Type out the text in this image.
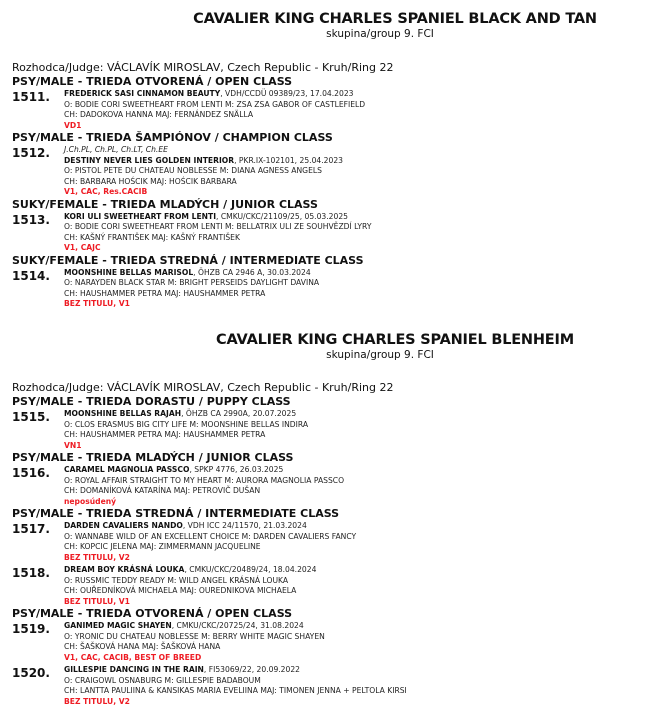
CAVALIER KING CHARLES SPANIEL BLACK AND TAN
skupina/group 9. FCI
Rozhodca/Judge: VÁCLAVÍK MIROSLAV, Czech Republic - Kruh/Ring 22
PSY/MALE - TRIEDA OTVORENÁ / OPEN CLASS
1511. FREDERICK SASI CINNAMON BEAUTY, VDH/CCDÜ 09389/23, 17.04.2023
O: BODIE CORI SWEETHEART FROM LENTI M: ZSA ZSA GABOR OF CASTLEFIELD
CH: DADOKOVA HANNA MAJ: FERNÁNDEZ SNÄLLA
VD1
PSY/MALE - TRIEDA ŠAMPIÓNOV / CHAMPION CLASS
1512. J.Ch.PL, Ch.PL, Ch.LT, Ch.EE
DESTINY NEVER LIES GOLDEN INTERIOR, PKR.IX-102101, 25.04.2023
O: PISTOL PETE DU CHATEAU NOBLESSE M: DIANA AGNESS ANGELS
CH: BARBARA HOŚCIK MAJ: HOŚCIK BARBARA
V1, CAC, Res.CACIB
SUKY/FEMALE - TRIEDA MLADÝCH / JUNIOR CLASS
1513. KORI ULI SWEETHEART FROM LENTI, CMKU/CKC/21109/25, 05.03.2025
O: BODIE CORI SWEETHEART FROM LENTI M: BELLATRIX ULI ZE SOUHVĚZDÍ LYRY
CH: KAŠNÝ FRANTIŠEK MAJ: KAŠNÝ FRANTIŠEK
V1, CAJC
SUKY/FEMALE - TRIEDA STREDNÁ / INTERMEDIATE CLASS
1514. MOONSHINE BELLAS MARISOL, ÖHZB CA 2946 A, 30.03.2024
O: NARAYDEN BLACK STAR M: BRIGHT PERSEIDS DAYLIGHT DAVINA
CH: HAUSHAMMER PETRA MAJ: HAUSHAMMER PETRA
BEZ TITULU, V1
CAVALIER KING CHARLES SPANIEL BLENHEIM
skupina/group 9. FCI
Rozhodca/Judge: VÁCLAVÍK MIROSLAV, Czech Republic - Kruh/Ring 22
PSY/MALE - TRIEDA DORASTU / PUPPY CLASS
1515. MOONSHINE BELLAS RAJAH, ÖHZB CA 2990A, 20.07.2025
O: CLOS ERASMUS BIG CITY LIFE M: MOONSHINE BELLAS INDIRA
CH: HAUSHAMMER PETRA MAJ: HAUSHAMMER PETRA
VN1
PSY/MALE - TRIEDA MLADÝCH / JUNIOR CLASS
1516. CARAMEL MAGNOLIA PASSCO, SPKP 4776, 26.03.2025
O: ROYAL AFFAIR STRAIGHT TO MY HEART M: AURORA MAGNOLIA PASSCO
CH: DOMANÍKOVÁ KATARÍNA MAJ: PETROVIČ DUŠAN
neposúdený
PSY/MALE - TRIEDA STREDNÁ / INTERMEDIATE CLASS
1517. DARDEN CAVALIERS NANDO, VDH ICC 24/11570, 21.03.2024
O: WANNABE WILD OF AN EXCELLENT CHOICE M: DARDEN CAVALIERS FANCY
CH: KOPCIC JELENA MAJ: ZIMMERMANN JACQUELINE
BEZ TITULU, V2
1518. DREAM BOY KRÁSNÁ LOUKA, CMKU/CKC/20489/24, 18.04.2024
O: RUSSMIC TEDDY READY M: WILD ANGEL KRÁSNÁ LOUKA
CH: OUŘEDNÍKOVÁ MICHAELA MAJ: OUREDNIKOVA MICHAELA
BEZ TITULU, V1
PSY/MALE - TRIEDA OTVORENÁ / OPEN CLASS
1519. GANIMED MAGIC SHAYEN, CMKU/CKC/20725/24, 31.08.2024
O: YRONIC DU CHATEAU NOBLESSE M: BERRY WHITE MAGIC SHAYEN
CH: ŠAŠKOVÁ HANA MAJ: ŠAŠKOVÁ HANA
V1, CAC, CACIB, BEST OF BREED
1520. GILLESPIE DANCING IN THE RAIN, FI53069/22, 20.09.2022
O: CRAIGOWL OSNABURG M: GILLESPIE BADABOUM
CH: LANTTA PAULIINA & KANSIKAS MARIA EVELIINA MAJ: TIMONEN JENNA + PELTOLA KIRSI
BEZ TITULU, V2
